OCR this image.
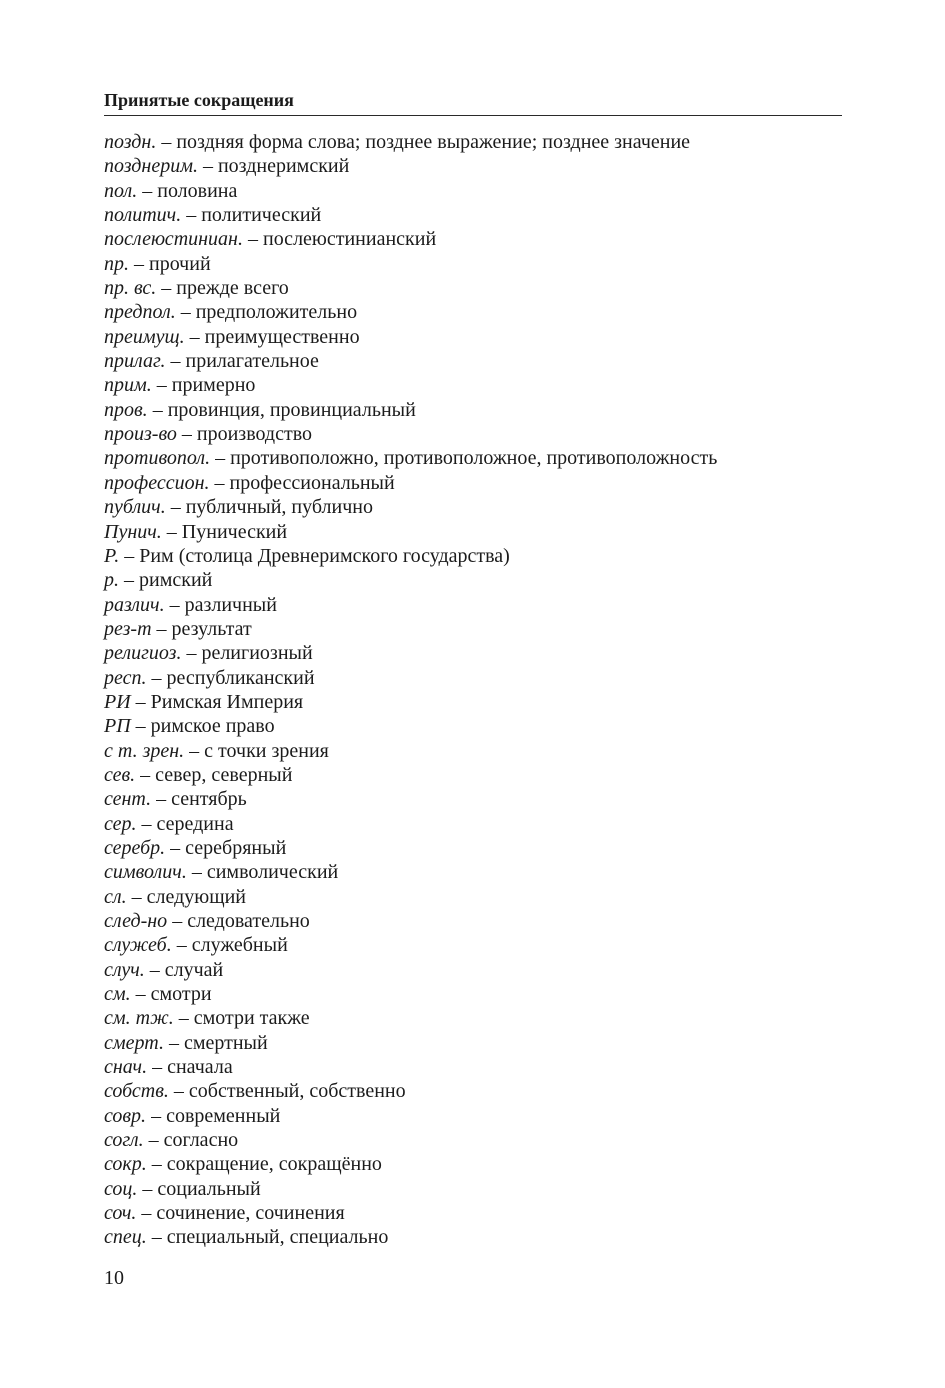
Принятые сокращения
поздн. – поздняя форма слова; позднее выражение; позднее значение
позднерим. – позднеримский
пол. – половина
политич. – политический
послеюстиниан. – послеюстинианский
пр. – прочий
пр. вс. – прежде всего
предпол. – предположительно
преимущ. – преимущественно
прилаг. – прилагательное
прим. – примерно
пров. – провинция, провинциальный
произ-во – производство
противопол. – противоположно, противоположное, противоположность
профессион. – профессиональный
публич. – публичный, публично
Пунич. – Пунический
Р. – Рим (столица Древнеримского государства)
р. – римский
различ. – различный
рез-т – результат
религиоз. – религиозный
респ. – республиканский
РИ – Римская Империя
РП – римское право
с т. зрен. – с точки зрения
сев. – север, северный
сент. – сентябрь
сер. – середина
серебр. – серебряный
символич. – символический
сл. – следующий
след-но – следовательно
служеб. – служебный
случ. – случай
см. – смотри
см. тж. – смотри также
смерт. – смертный
снач. – сначала
собств. – собственный, собственно
совр. – современный
согл. – согласно
сокр. – сокращение, сокращённо
соц. – социальный
соч. – сочинение, сочинения
спец. – специальный, специально
10
